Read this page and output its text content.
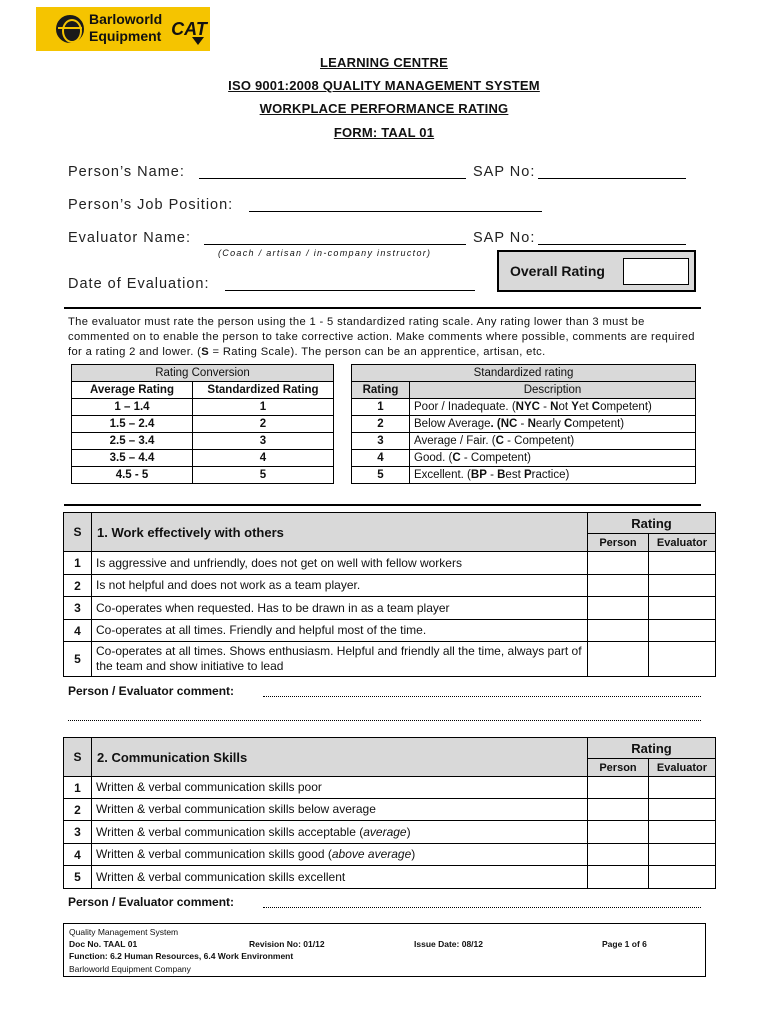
Barloworld
Equipment CAT
LEARNING CENTRE
ISO 9001:2008 QUALITY MANAGEMENT SYSTEM
WORKPLACE PERFORMANCE RATING
FORM: TAAL 01
Person’s Name:	SAP No:
Person’s Job Position:
Evaluator Name:	SAP No:
(Coach / artisan / in-company instructor)
Date of Evaluation:
Overall Rating
The evaluator must rate the person using the 1 - 5 standardized rating scale. Any rating lower than 3 must be commented on to enable the person to take corrective action. Make comments where possible, comments are required for a rating 2 and lower. (S = Rating Scale). The person can be an apprentice, artisan, etc.
Rating Conversion	
Average Rating	Standardized Rating
1 – 1.4	1
1.5 – 2.4	2
2.5 – 3.4	3
3.5 – 4.4	4
4.5 - 5	5
Standardized rating	
Rating	Description
1	Poor / Inadequate. (NYC - Not Yet Competent)
2	Below Average. (NC - Nearly Competent)
3	Average / Fair. (C - Competent)
4	Good. (C - Competent)
5	Excellent. (BP - Best Practice)
S	1. Work effectively with others	Rating	
		Person	Evaluator
1	Is aggressive and unfriendly, does not get on well with fellow workers		
2	Is not helpful and does not work as a team player.		
3	Co-operates when requested. Has to be drawn in as a team player		
4	Co-operates at all times. Friendly and helpful most of the time.		
5	Co-operates at all times. Shows enthusiasm. Helpful and friendly all the time, always part of the team and show initiative to lead		
Person / Evaluator comment:
S	2. Communication Skills	Rating	
		Person	Evaluator
1	Written & verbal communication skills poor		
2	Written & verbal communication skills below average		
3	Written & verbal communication skills acceptable (average)		
4	Written & verbal communication skills good (above average)		
5	Written & verbal communication skills excellent		
Person / Evaluator comment:
Quality Management System
Doc No. TAAL 01	Revision No: 01/12	Issue Date: 08/12	Page 1 of 6
Function: 6.2 Human Resources, 6.4 Work Environment
Barloworld Equipment Company
